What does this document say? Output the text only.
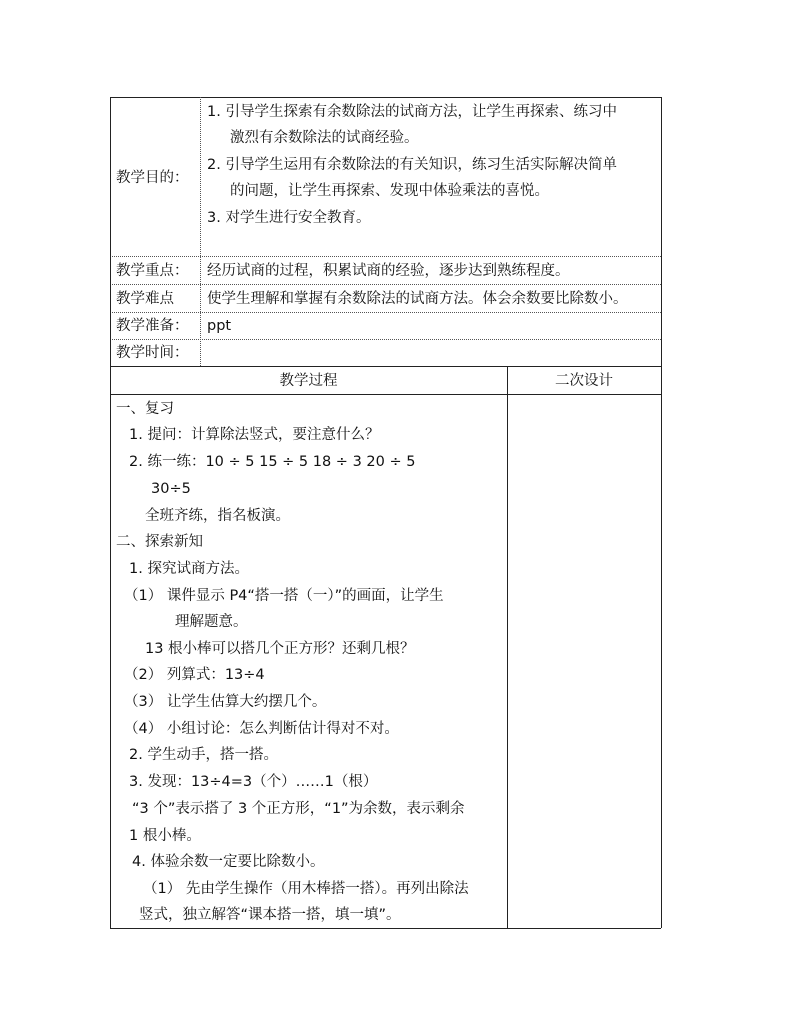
教学目的：
1. 引导学生探索有余数除法的试商方法，让学生再探索、练习中
激烈有余数除法的试商经验。
2. 引导学生运用有余数除法的有关知识，练习生活实际解决简单
的问题，让学生再探索、发现中体验乘法的喜悦。
3. 对学生进行安全教育。
教学重点： 经历试商的过程，积累试商的经验，逐步达到熟练程度。
教学难点 使学生理解和掌握有余数除法的试商方法。体会余数要比除数小。
教学准备： ppt
教学时间：
教学过程	二次设计
一、复习
1. 提问：计算除法竖式，要注意什么？
2. 练一练：10 ÷ 5 15 ÷ 5 18 ÷ 3 20 ÷ 5
30÷5
全班齐练，指名板演。
二、探索新知
1. 探究试商方法。
（1） 课件显示 P4“搭一搭（一）”的画面，让学生
理解题意。
13 根小棒可以搭几个正方形？还剩几根？
（2） 列算式：13÷4
（3） 让学生估算大约摆几个。
（4） 小组讨论：怎么判断估计得对不对。
2. 学生动手，搭一搭。
3. 发现：13÷4=3（个）……1（根）
“3 个”表示搭了 3 个正方形，“1”为余数，表示剩余
1 根小棒。
4. 体验余数一定要比除数小。
（1） 先由学生操作（用木棒搭一搭）。再列出除法
竖式，独立解答“课本搭一搭，填一填”。
